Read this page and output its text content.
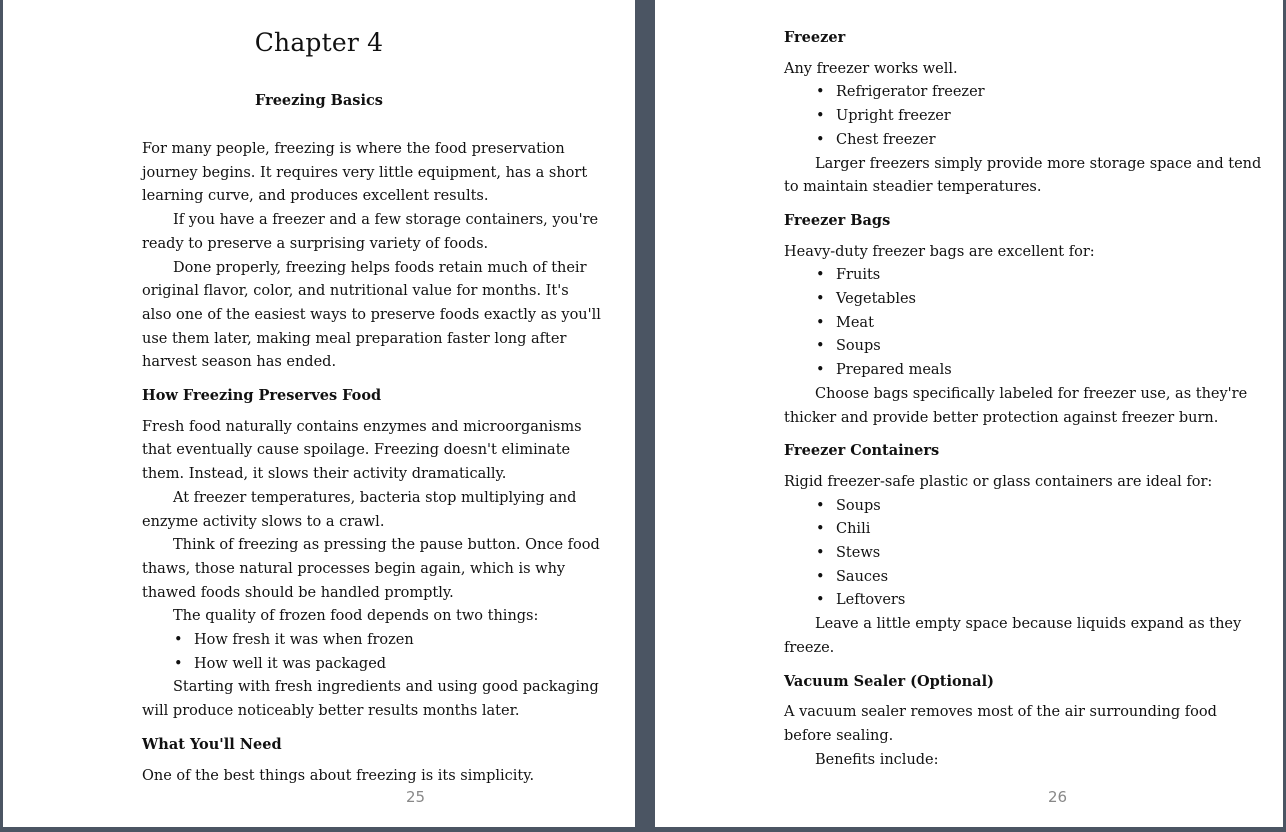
Chapter 4
Freezing Basics

For many people, freezing is where the food preservation journey begins. It requires very little equipment, has a short learning curve, and produces excellent results.

If you have a freezer and a few storage containers, you're ready to preserve a surprising variety of foods.

Done properly, freezing helps foods retain much of their original flavor, color, and nutritional value for months. It's also one of the easiest ways to preserve foods exactly as you'll use them later, making meal preparation faster long after harvest season has ended.

How Freezing Preserves Food

Fresh food naturally contains enzymes and microorganisms that eventually cause spoilage. Freezing doesn't eliminate them. Instead, it slows their activity dramatically.

At freezer temperatures, bacteria stop multiplying and enzyme activity slows to a crawl.

Think of freezing as pressing the pause button. Once food thaws, those natural processes begin again, which is why thawed foods should be handled promptly.

The quality of frozen food depends on two things:

• How fresh it was when frozen
• How well it was packaged

Starting with fresh ingredients and using good packaging will produce noticeably better results months later.

What You'll Need

One of the best things about freezing is its simplicity.

25
Freezer

Any freezer works well.

• Refrigerator freezer
• Upright freezer
• Chest freezer

Larger freezers simply provide more storage space and tend to maintain steadier temperatures.

Freezer Bags

Heavy-duty freezer bags are excellent for:

• Fruits
• Vegetables
• Meat
• Soups
• Prepared meals

Choose bags specifically labeled for freezer use, as they're thicker and provide better protection against freezer burn.

Freezer Containers

Rigid freezer-safe plastic or glass containers are ideal for:

• Soups
• Chili
• Stews
• Sauces
• Leftovers

Leave a little empty space because liquids expand as they freeze.

Vacuum Sealer (Optional)

A vacuum sealer removes most of the air surrounding food before sealing.

Benefits include:

26
